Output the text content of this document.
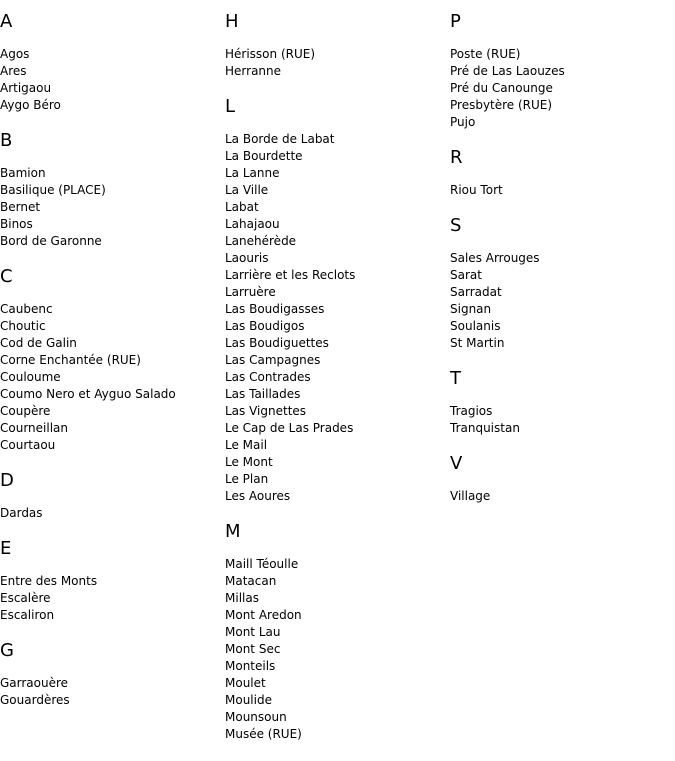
A
Agos
Ares
Artigaou
Aygo Béro
B
Bamion
Basilique (PLACE)
Bernet
Binos
Bord de Garonne
C
Caubenc
Choutic
Cod de Galin
Corne Enchantée (RUE)
Couloume
Coumo Nero et Ayguo Salado
Coupère
Courneillan
Courtaou
D
Dardas
E
Entre des Monts
Escalère
Escaliron
G
Garraouère
Gouardères
H
Hérisson (RUE)
Herranne
L
La Borde de Labat
La Bourdette
La Lanne
La Ville
Labat
Lahajaou
Lanehérède
Laouris
Larrière et les Reclots
Larruère
Las Boudigasses
Las Boudigos
Las Boudiguettes
Las Campagnes
Las Contrades
Las Taillades
Las Vignettes
Le Cap de Las Prades
Le Mail
Le Mont
Le Plan
Les Aoures
M
Maill Téoulle
Matacan
Millas
Mont Aredon
Mont Lau
Mont Sec
Monteils
Moulet
Moulide
Mounsoun
Musée (RUE)
P
Poste (RUE)
Pré de Las Laouzes
Pré du Canounge
Presbytère (RUE)
Pujo
R
Riou Tort
S
Sales Arrouges
Sarat
Sarradat
Signan
Soulanis
St Martin
T
Tragios
Tranquistan
V
Village
